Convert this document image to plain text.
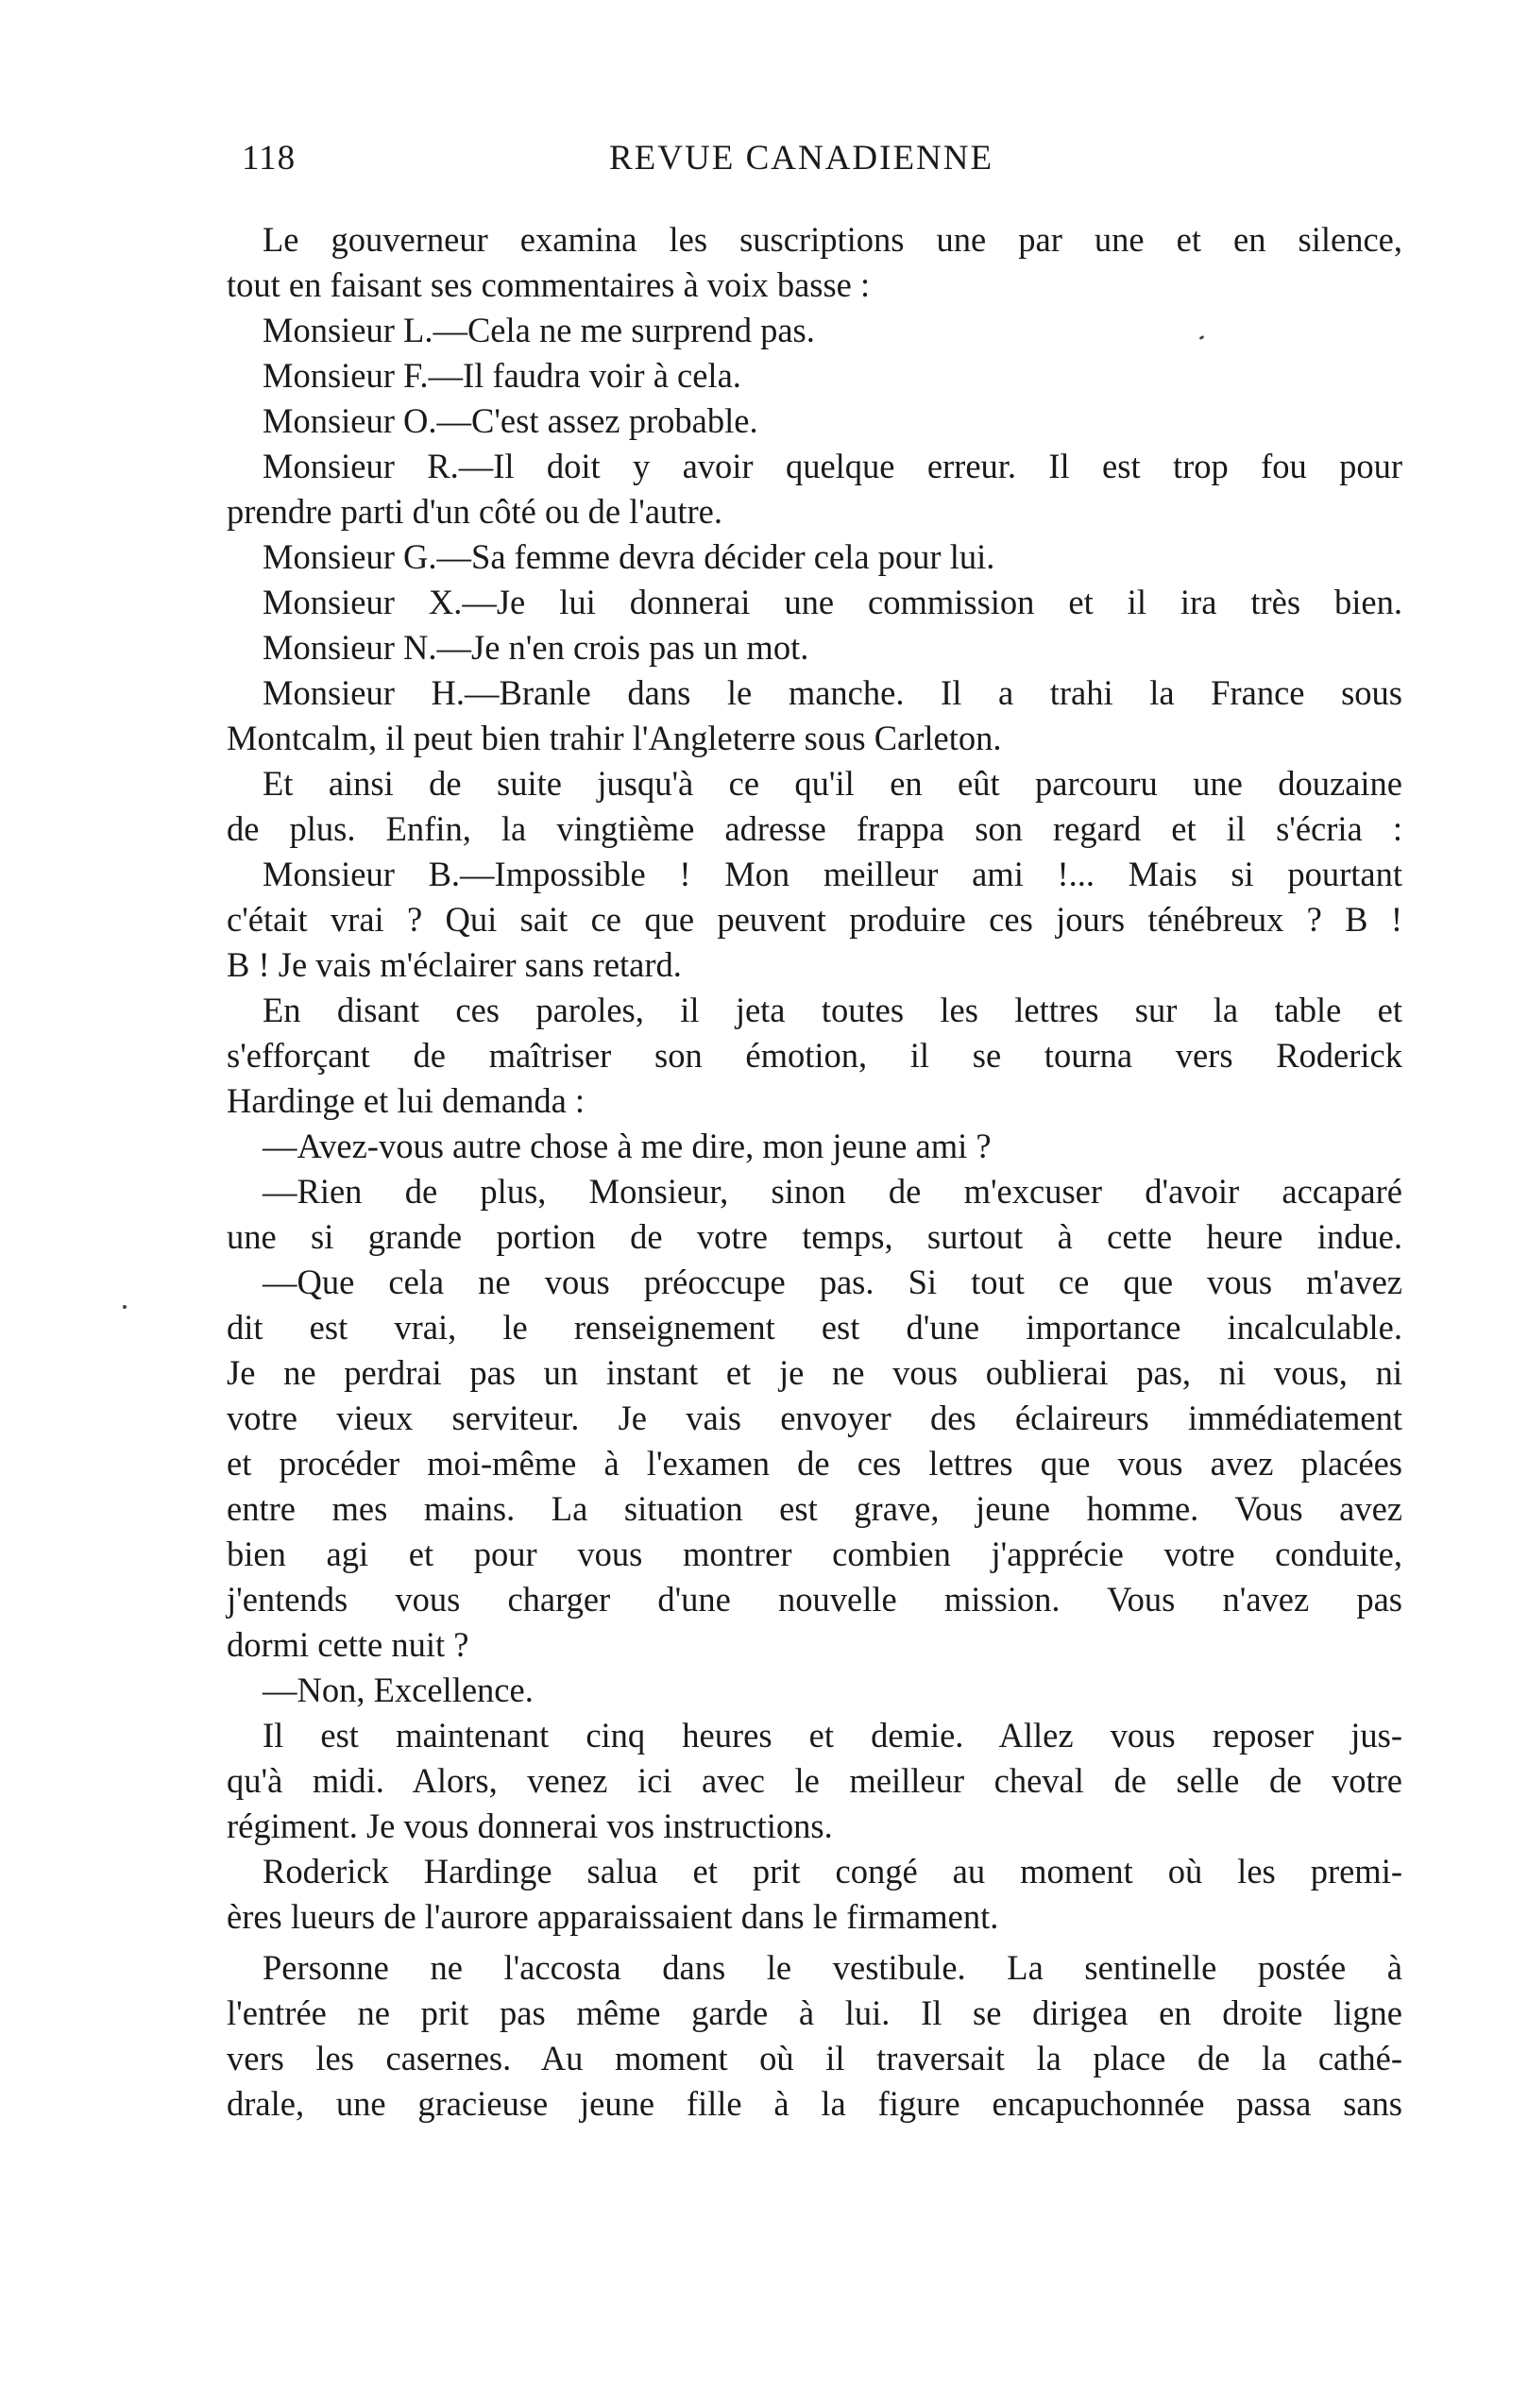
118	REVUE CANADIENNE
Le gouverneur examina les suscriptions une par une et en silence,
tout en faisant ses commentaires à voix basse :
Monsieur L.—Cela ne me surprend pas.
Monsieur F.—Il faudra voir à cela.
Monsieur O.—C'est assez probable.
Monsieur R.—Il doit y avoir quelque erreur. Il est trop fou pour
prendre parti d'un côté ou de l'autre.
Monsieur G.—Sa femme devra décider cela pour lui.
Monsieur X.—Je lui donnerai une commission et il ira très bien.
Monsieur N.—Je n'en crois pas un mot.
Monsieur H.—Branle dans le manche. Il a trahi la France sous
Montcalm, il peut bien trahir l'Angleterre sous Carleton.
Et ainsi de suite jusqu'à ce qu'il en eût parcouru une douzaine
de plus. Enfin, la vingtième adresse frappa son regard et il s'écria :
Monsieur B.—Impossible ! Mon meilleur ami !... Mais si pourtant
c'était vrai ? Qui sait ce que peuvent produire ces jours ténébreux ? B !
B ! Je vais m'éclairer sans retard.
En disant ces paroles, il jeta toutes les lettres sur la table et
s'efforçant de maîtriser son émotion, il se tourna vers Roderick
Hardinge et lui demanda :
—Avez-vous autre chose à me dire, mon jeune ami ?
—Rien de plus, Monsieur, sinon de m'excuser d'avoir accaparé
une si grande portion de votre temps, surtout à cette heure indue.
—Que cela ne vous préoccupe pas. Si tout ce que vous m'avez
dit est vrai, le renseignement est d'une importance incalculable.
Je ne perdrai pas un instant et je ne vous oublierai pas, ni vous, ni
votre vieux serviteur. Je vais envoyer des éclaireurs immédiatement
et procéder moi-même à l'examen de ces lettres que vous avez placées
entre mes mains. La situation est grave, jeune homme. Vous avez
bien agi et pour vous montrer combien j'apprécie votre conduite,
j'entends vous charger d'une nouvelle mission. Vous n'avez pas
dormi cette nuit ?
—Non, Excellence.
Il est maintenant cinq heures et demie. Allez vous reposer jus-
qu'à midi. Alors, venez ici avec le meilleur cheval de selle de votre
régiment. Je vous donnerai vos instructions.
Roderick Hardinge salua et prit congé au moment où les premi-
ères lueurs de l'aurore apparaissaient dans le firmament.
Personne ne l'accosta dans le vestibule. La sentinelle postée à
l'entrée ne prit pas même garde à lui. Il se dirigea en droite ligne
vers les casernes. Au moment où il traversait la place de la cathé-
drale, une gracieuse jeune fille à la figure encapuchonnée passa sans
